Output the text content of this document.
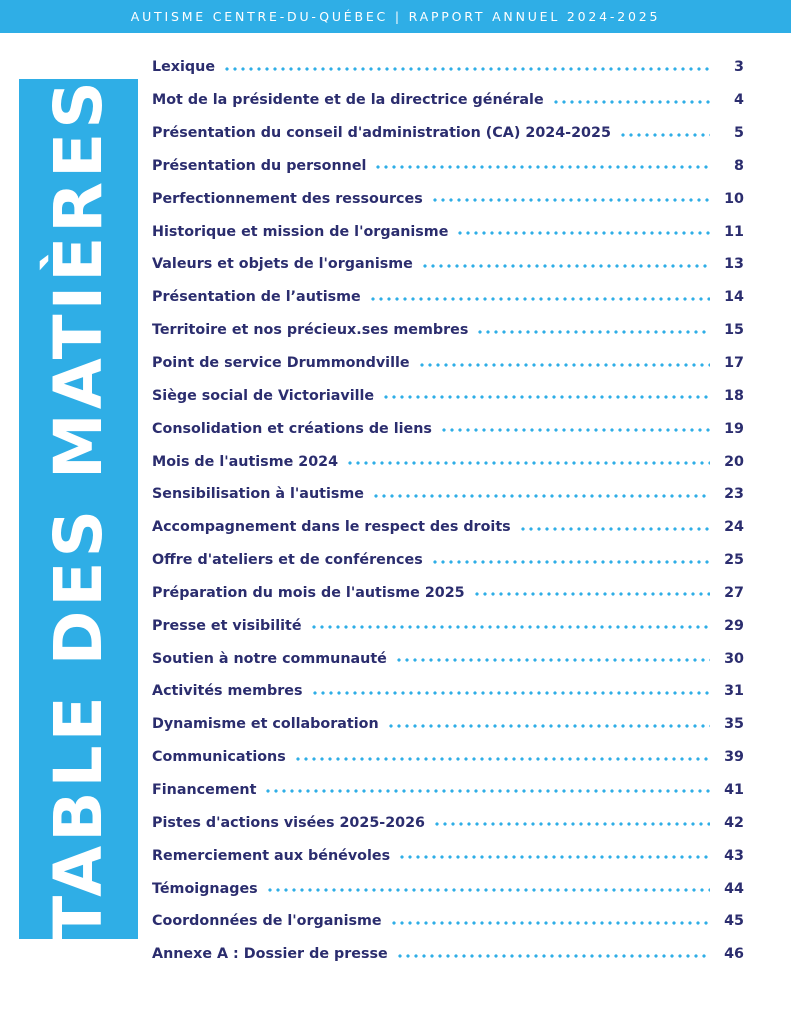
AUTISME CENTRE-DU-QUÉBEC | RAPPORT ANNUEL 2024-2025
TABLE DES MATIÈRES
Lexique	3
Mot de la présidente et de la directrice générale	4
Présentation du conseil d'administration (CA) 2024-2025	5
Présentation du personnel	8
Perfectionnement des ressources	10
Historique et mission de l'organisme	11
Valeurs et objets de l'organisme	13
Présentation de l’autisme	14
Territoire et nos précieux.ses membres	15
Point de service Drummondville	17
Siège social de Victoriaville	18
Consolidation et créations de liens	19
Mois de l'autisme 2024	20
Sensibilisation à l'autisme	23
Accompagnement dans le respect des droits	24
Offre d'ateliers et de conférences	25
Préparation du mois de l'autisme 2025	27
Presse et visibilité	29
Soutien à notre communauté	30
Activités membres	31
Dynamisme et collaboration	35
Communications	39
Financement	41
Pistes d'actions visées 2025-2026	42
Remerciement aux bénévoles	43
Témoignages	44
Coordonnées de l'organisme	45
Annexe A : Dossier de presse	46
